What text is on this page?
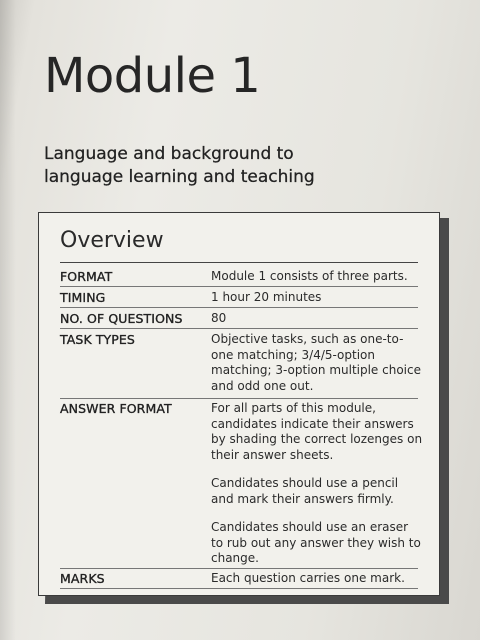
Module 1
Language and background to
language learning and teaching
Overview
FORMAT	Module 1 consists of three parts.
TIMING	1 hour 20 minutes
NO. OF QUESTIONS 80
TASK TYPES	Objective tasks, such as one-to-one matching; 3/4/5-option matching; 3-option multiple choice and odd one out.
ANSWER FORMAT	For all parts of this module, candidates indicate their answers by shading the correct lozenges on their answer sheets.
Candidates should use a pencil and mark their answers firmly.
Candidates should use an eraser to rub out any answer they wish to change.
MARKS	Each question carries one mark.
